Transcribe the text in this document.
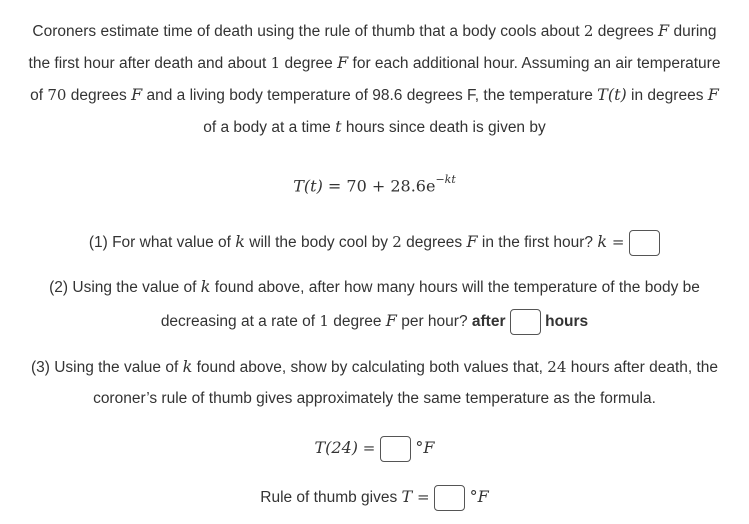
Coroners estimate time of death using the rule of thumb that a body cools about 2 degrees F during
the first hour after death and about 1 degree F for each additional hour. Assuming an air temperature
of 70 degrees F and a living body temperature of 98.6 degrees F, the temperature T(t) in degrees F
of a body at a time t hours since death is given by
$T(t) = 70 + 28.6e^{-kt}$
(1) For what value of k will the body cool by 2 degrees F in the first hour? k =
(2) Using the value of k found above, after how many hours will the temperature of the body be
decreasing at a rate of 1 degree F per hour? after	hours
(3) Using the value of k found above, show by calculating both values that, 24 hours after death, the
coroner’s rule of thumb gives approximately the same temperature as the formula.
T(24) =  °F
Rule of thumb gives T =  °F
